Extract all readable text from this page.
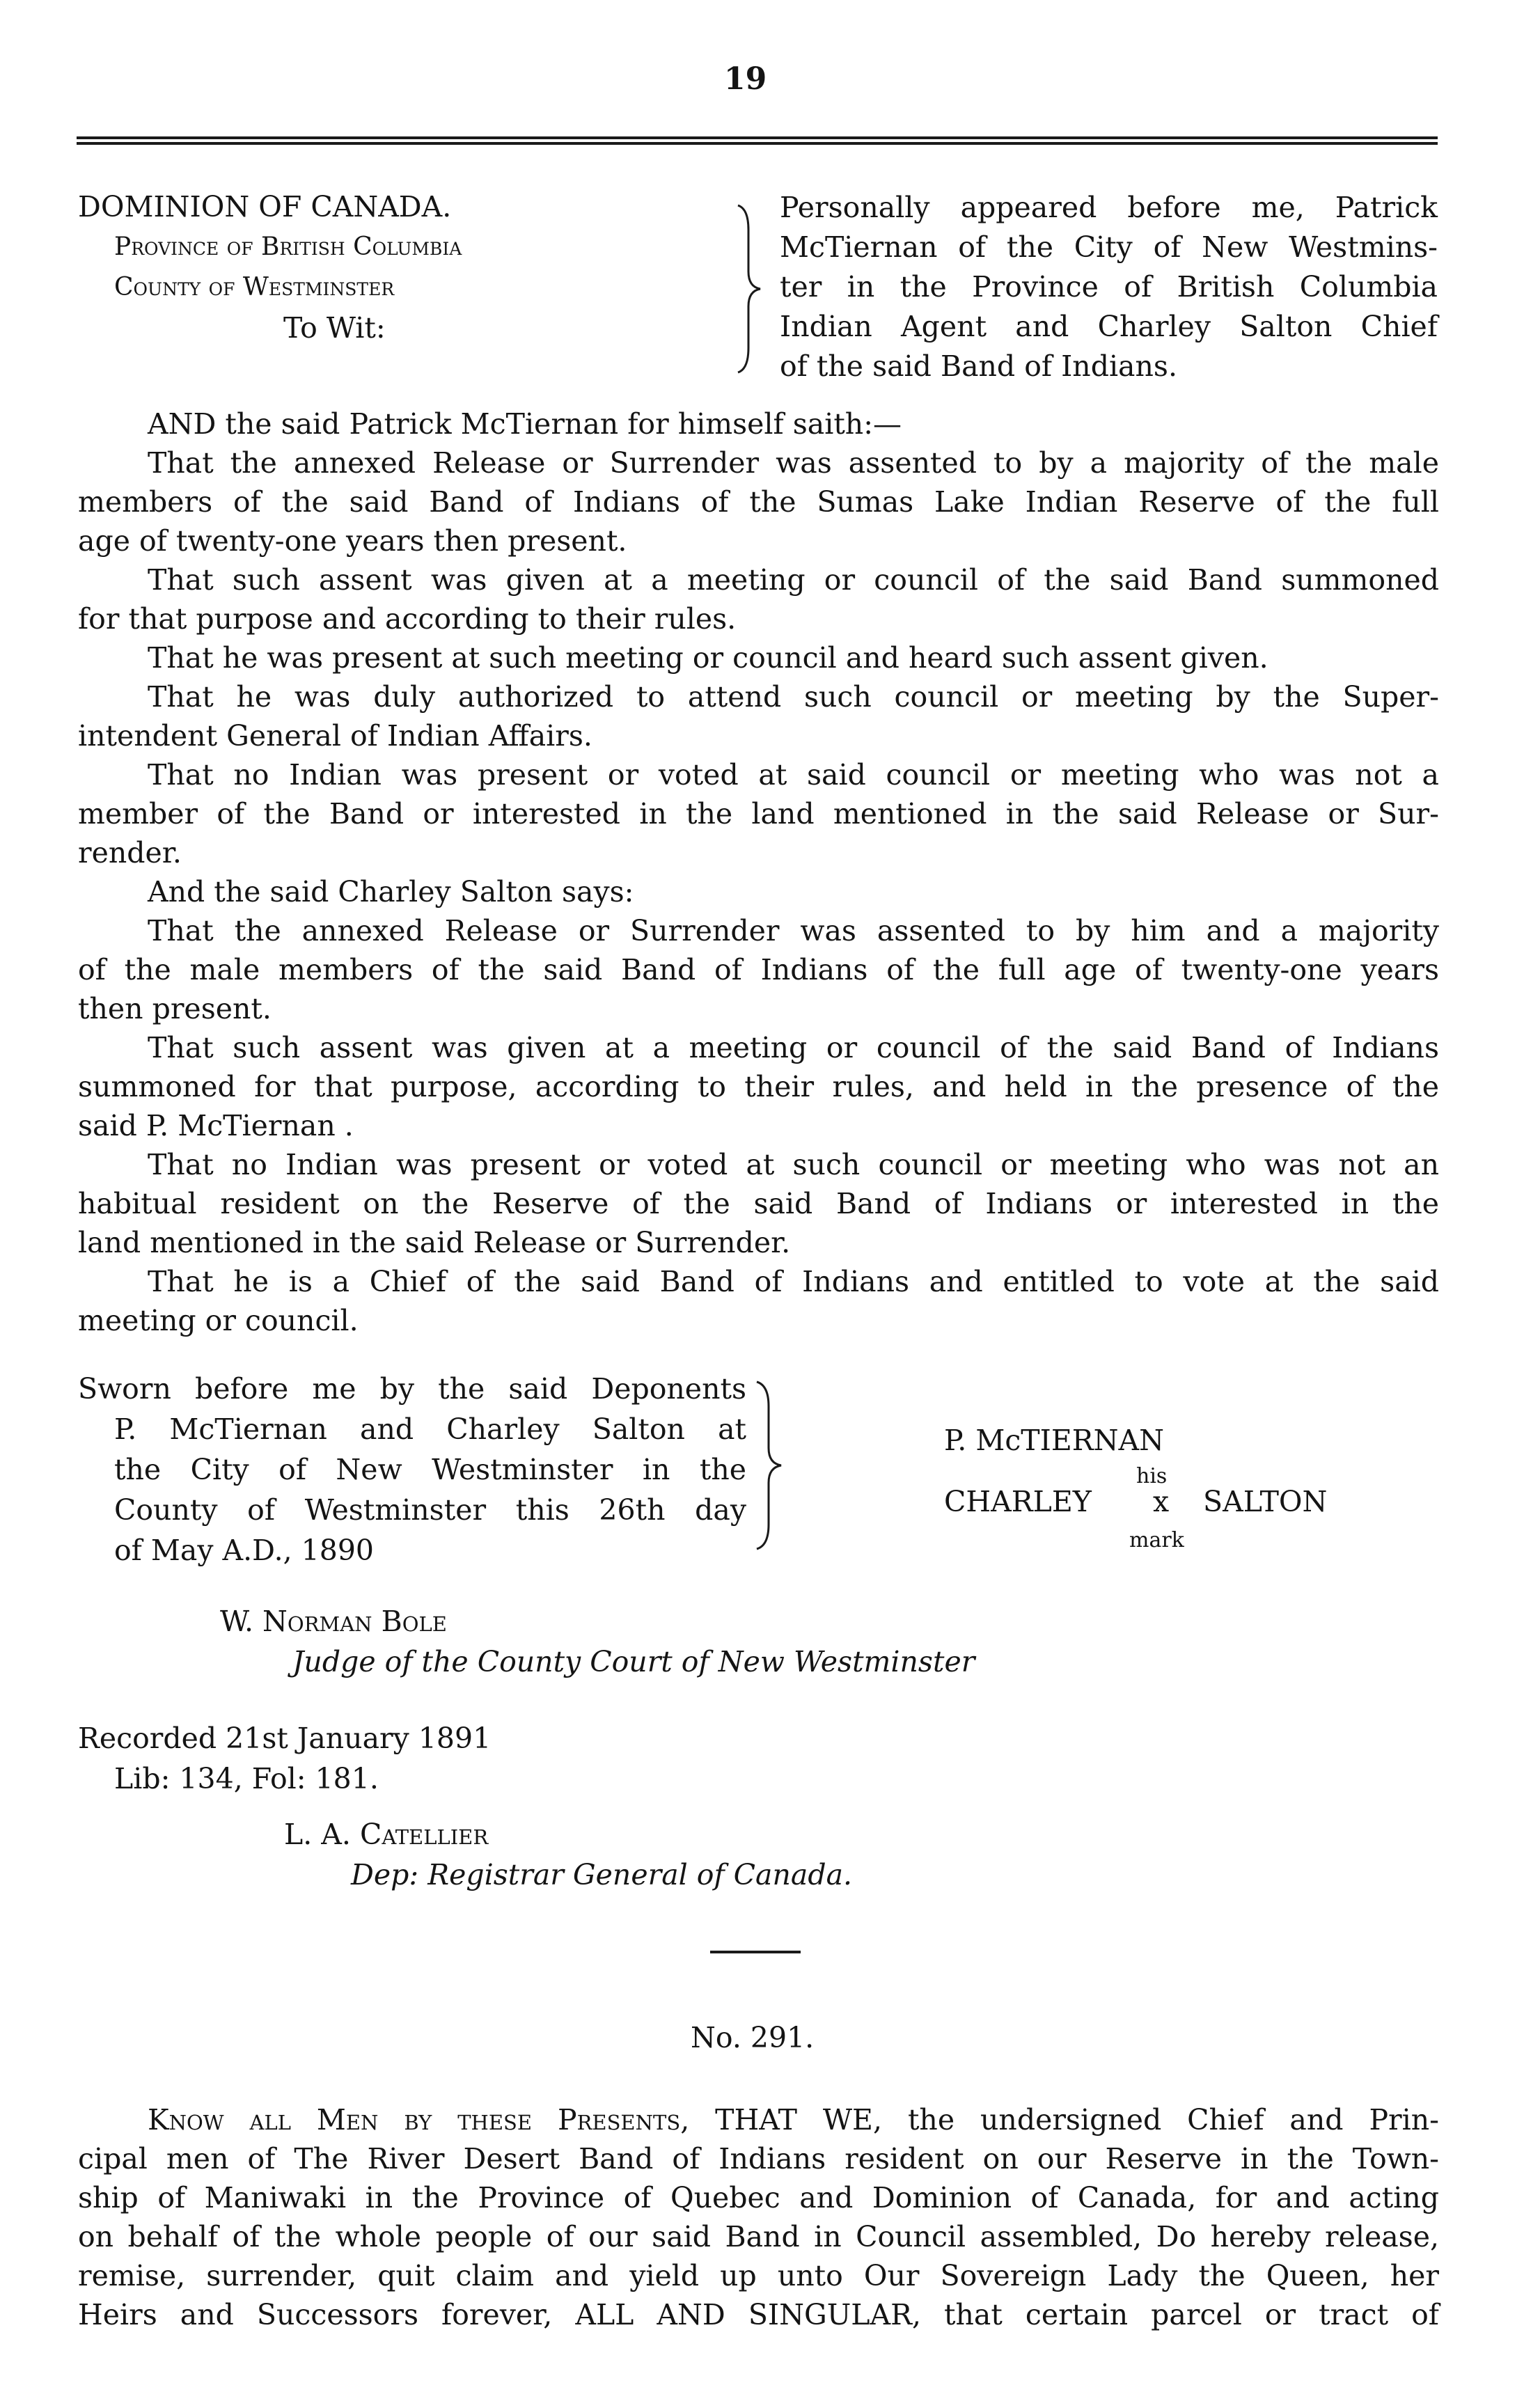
19
DOMINION OF CANADA.
Province of British Columbia
County of Westminster
To Wit:
Personally appeared before me, Patrick
McTiernan of the City of New Westmins-
ter in the Province of British Columbia
Indian Agent and Charley Salton Chief
of the said Band of Indians.
AND the said Patrick McTiernan for himself saith:—
That the annexed Release or Surrender was assented to by a majority of the male
members of the said Band of Indians of the Sumas Lake Indian Reserve of the full
age of twenty-one years then present.
That such assent was given at a meeting or council of the said Band summoned
for that purpose and according to their rules.
That he was present at such meeting or council and heard such assent given.
That he was duly authorized to attend such council or meeting by the Super-
intendent General of Indian Affairs.
That no Indian was present or voted at said council or meeting who was not a
member of the Band or interested in the land mentioned in the said Release or Sur-
render.
And the said Charley Salton says:
That the annexed Release or Surrender was assented to by him and a majority
of the male members of the said Band of Indians of the full age of twenty-one years
then present.
That such assent was given at a meeting or council of the said Band of Indians
summoned for that purpose, according to their rules, and held in the presence of the
said P. McTiernan .
That no Indian was present or voted at such council or meeting who was not an
habitual resident on the Reserve of the said Band of Indians or interested in the
land mentioned in the said Release or Surrender.
That he is a Chief of the said Band of Indians and entitled to vote at the said
meeting or council.
Sworn before me by the said Deponents
P. McTiernan and Charley Salton at
the City of New Westminster in the
County of Westminster this 26th day
of May A.D., 1890
P. McTIERNAN
his
CHARLEY x SALTON
mark
W. Norman Bole
Judge of the County Court of New Westminster
Recorded 21st January 1891
Lib: 134, Fol: 181.
L. A. Catellier
Dep: Registrar General of Canada.
No. 291.
Know all Men by these Presents, THAT WE, the undersigned Chief and Prin-
cipal men of The River Desert Band of Indians resident on our Reserve in the Town-
ship of Maniwaki in the Province of Quebec and Dominion of Canada, for and acting
on behalf of the whole people of our said Band in Council assembled, Do hereby release,
remise, surrender, quit claim and yield up unto Our Sovereign Lady the Queen, her
Heirs and Successors forever, ALL AND SINGULAR, that certain parcel or tract of
